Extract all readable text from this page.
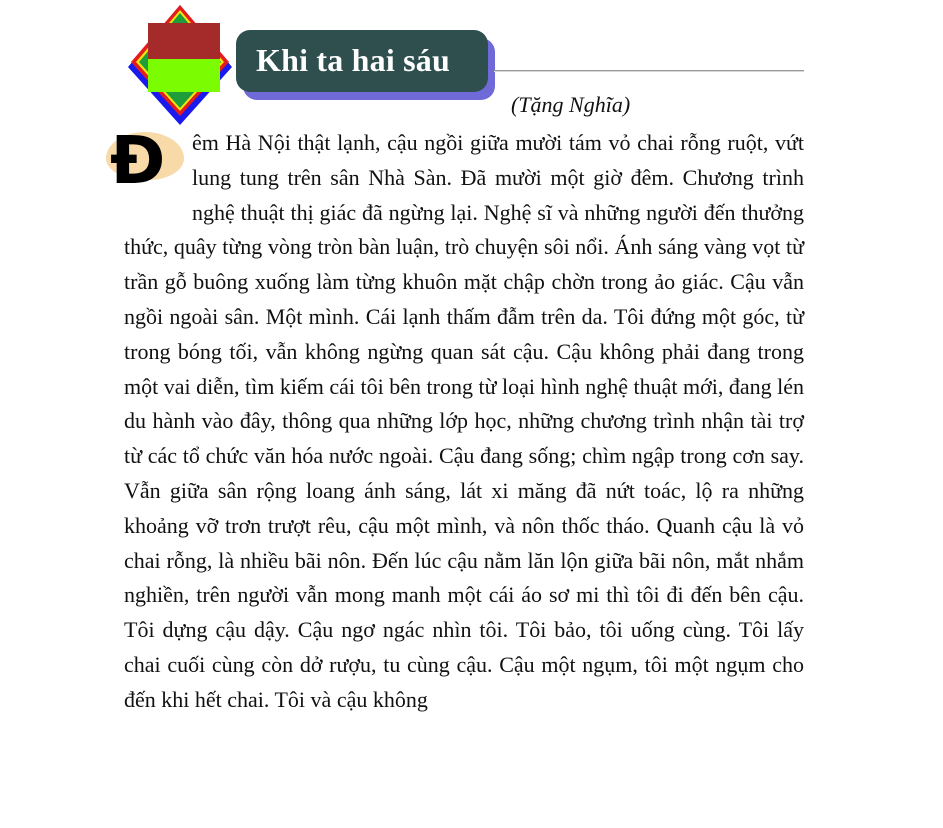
Khi ta hai sáu
(Tặng Nghĩa)
Đ	êm Hà Nội thật lạnh, cậu ngồi giữa mười tám vỏ chai rỗng ruột, vứt lung tung trên sân Nhà Sàn. Đã mười một giờ đêm. Chương trình nghệ thuật thị giác đã ngừng lại. Nghệ sĩ và những người đến thưởng thức, quây từng vòng tròn bàn luận, trò chuyện sôi nổi. Ánh sáng vàng vọt từ trần gỗ buông xuống làm từng khuôn mặt chập chờn trong ảo giác. Cậu vẫn ngồi ngoài sân. Một mình. Cái lạnh thấm đẫm trên da. Tôi đứng một góc, từ trong bóng tối, vẫn không ngừng quan sát cậu. Cậu không phải đang trong một vai diễn, tìm kiếm cái tôi bên trong từ loại hình nghệ thuật mới, đang lén du hành vào đây, thông qua những lớp học, những chương trình nhận tài trợ từ các tổ chức văn hóa nước ngoài. Cậu đang sống; chìm ngập trong cơn say. Vẫn giữa sân rộng loang ánh sáng, lát xi măng đã nứt toác, lộ ra những khoảng vỡ trơn trượt rêu, cậu một mình, và nôn thốc tháo. Quanh cậu là vỏ chai rỗng, là nhiều bãi nôn. Đến lúc cậu nằm lăn lộn giữa bãi nôn, mắt nhắm nghiền, trên người vẫn mong manh một cái áo sơ mi thì tôi đi đến bên cậu. Tôi dựng cậu dậy. Cậu ngơ ngác nhìn tôi. Tôi bảo, tôi uống cùng. Tôi lấy chai cuối cùng còn dở rượu, tu cùng cậu. Cậu một ngụm, tôi một ngụm cho đến khi hết chai. Tôi và cậu không
